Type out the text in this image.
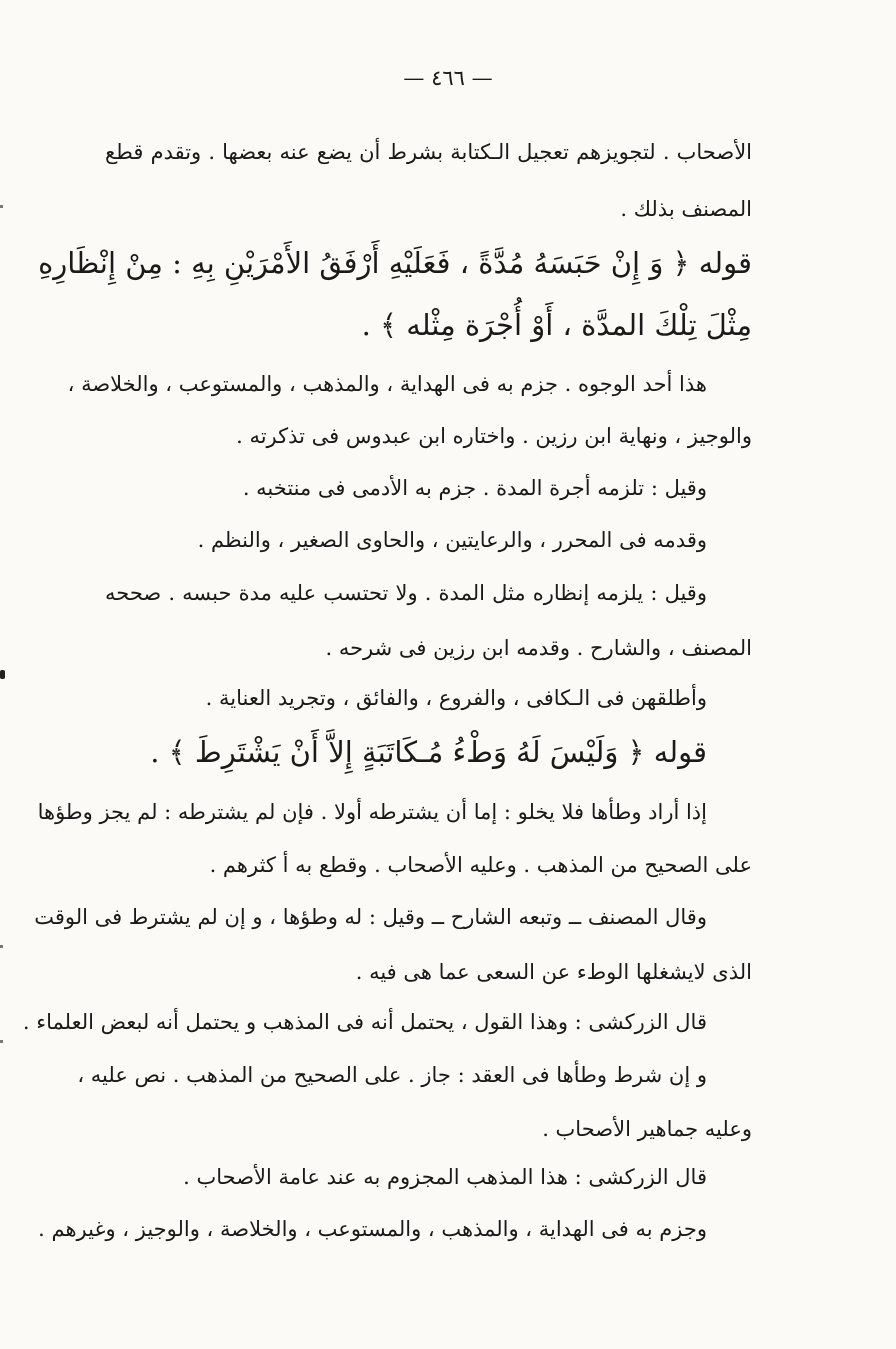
— ٤٦٦ —
الأصحاب . لتجويزهم تعجيل الـكتابة بشرط أن يضع عنه بعضها . وتقدم قطع
المصنف بذلك .
قوله ﴿ وَ إِنْ حَبَسَهُ مُدَّةً ، فَعَلَيْهِ أَرْفَقُ الأَمْرَيْنِ بِهِ : مِنْ إِنْظَارِهِ
مِثْلَ تِلْكَ المدَّة ، أَوْ أُجْرَة مِثْله ﴾ .
هذا أحد الوجوه . جزم به فى الهداية ، والمذهب ، والمستوعب ، والخلاصة ،
والوجيز ، ونهاية ابن رزين . واختاره ابن عبدوس فى تذكرته .
وقيل : تلزمه أجرة المدة . جزم به الأدمى فى منتخبه .
وقدمه فى المحرر ، والرعايتين ، والحاوى الصغير ، والنظم .
وقيل : يلزمه إنظاره مثل المدة . ولا تحتسب عليه مدة حبسه . صححه
المصنف ، والشارح . وقدمه ابن رزين فى شرحه .
وأطلقهن فى الـكافى ، والفروع ، والفائق ، وتجريد العناية .
قوله ﴿ وَلَيْسَ لَهُ وَطْءُ مُـكَاتَبَةٍ إِلاَّ أَنْ يَشْتَرِطَ ﴾ .
إذا أراد وطأها فلا يخلو : إما أن يشترطه أولا . فإن لم يشترطه : لم يجز وطؤها
على الصحيح من المذهب . وعليه الأصحاب . وقطع به أ كثرهم .
وقال المصنف ــ وتبعه الشارح ــ وقيل : له وطؤها ، و إن لم يشترط فى الوقت
الذى لايشغلها الوطء عن السعى عما هى فيه .
قال الزركشى : وهذا القول ، يحتمل أنه فى المذهب و يحتمل أنه لبعض العلماء .
و إن شرط وطأها فى العقد : جاز . على الصحيح من المذهب . نص عليه ،
وعليه جماهير الأصحاب .
قال الزركشى : هذا المذهب المجزوم به عند عامة الأصحاب .
وجزم به فى الهداية ، والمذهب ، والمستوعب ، والخلاصة ، والوجيز ، وغيرهم .
